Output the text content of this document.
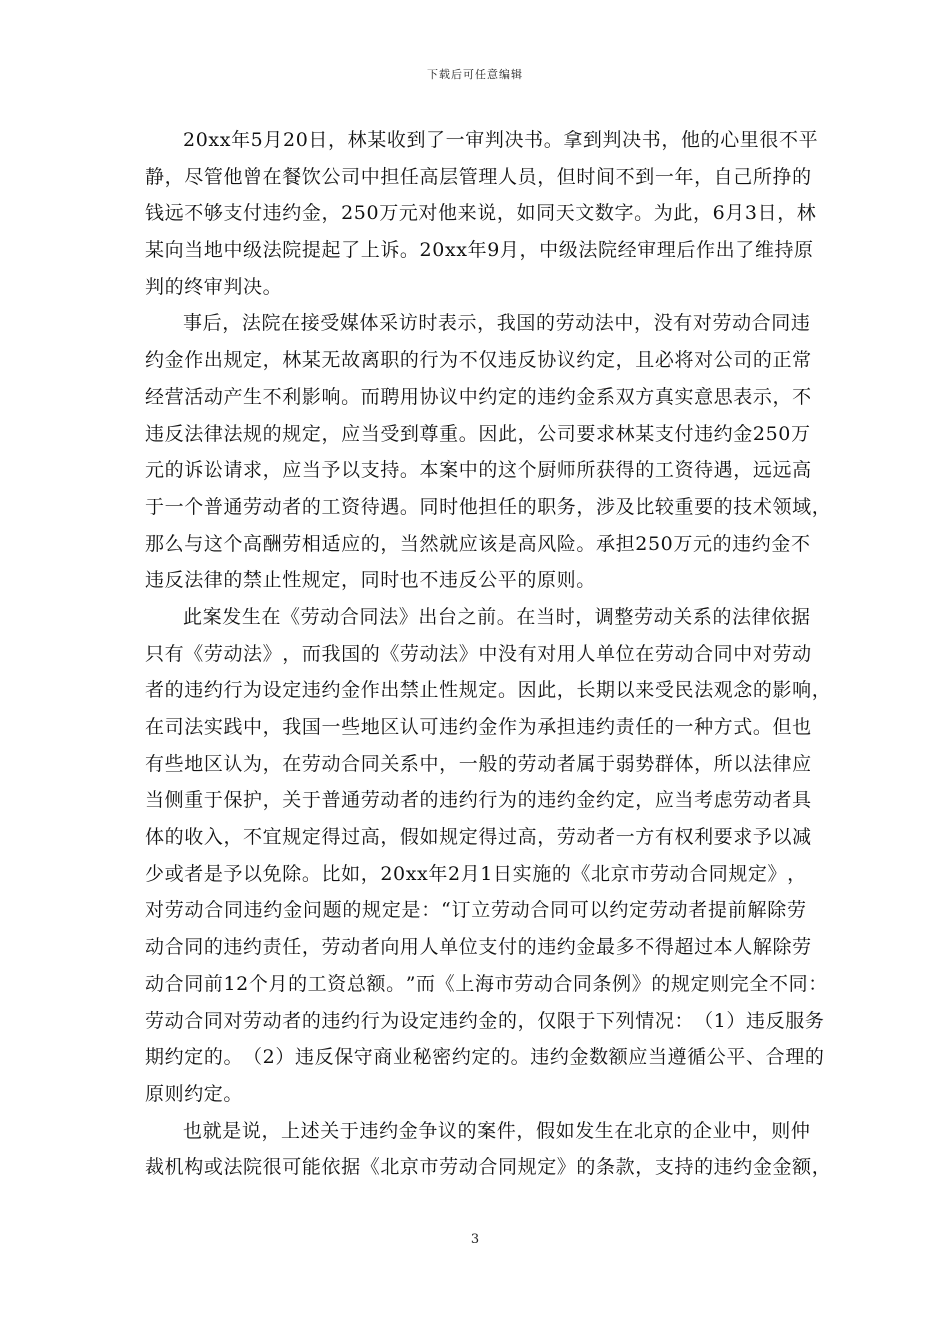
下载后可任意编辑
2 0 x x 年 5 月 2 0 日 ， 林 某 收 到 了 一 审 判 决 书 。 拿 到 判 决 书 ， 他 的 心 里 很 不 平
静 ， 尽 管 他 曾 在 餐 饮 公 司 中 担 任 高 层 管 理 人 员 ， 但 时 间 不 到 一 年 ， 自 己 所 挣 的
钱 远 不 够 支 付 违 约 金 ， 2 5 0 万 元 对 他 来 说 ， 如 同 天 文 数 字 。 为 此 ， 6 月 3 日 ， 林
某 向 当 地 中 级 法 院 提 起 了 上 诉 。 2 0 x x 年 9 月 ， 中 级 法 院 经 审 理 后 作 出 了 维 持 原
判的终审判决。
事 后 ， 法 院 在 接 受 媒 体 采 访 时 表 示 ， 我 国 的 劳 动 法 中 ， 没 有 对 劳 动 合 同 违
约 金 作 出 规 定 ， 林 某 无 故 离 职 的 行 为 不 仅 违 反 协 议 约 定 ， 且 必 将 对 公 司 的 正 常
经 营 活 动 产 生 不 利 影 响 。 而 聘 用 协 议 中 约 定 的 违 约 金 系 双 方 真 实 意 思 表 示 ， 不
违 反 法 律 法 规 的 规 定 ， 应 当 受 到 尊 重 。 因 此 ， 公 司 要 求 林 某 支 付 违 约 金 2 5 0 万
元 的 诉 讼 请 求 ， 应 当 予 以 支 持 。 本 案 中 的 这 个 厨 师 所 获 得 的 工 资 待 遇 ， 远 远 高
于 一 个 普 通 劳 动 者 的 工 资 待 遇 。 同 时 他 担 任 的 职 务 ， 涉 及 比 较 重 要 的 技 术 领 域 ，
那 么 与 这 个 高 酬 劳 相 适 应 的 ， 当 然 就 应 该 是 高 风 险 。 承 担 2 5 0 万 元 的 违 约 金 不
违反法律的禁止性规定，同时也不违反公平的原则。
此 案 发 生 在 《 劳 动 合 同 法 》 出 台 之 前 。 在 当 时 ， 调 整 劳 动 关 系 的 法 律 依 据
只 有 《 劳 动 法 》 ， 而 我 国 的 《 劳 动 法 》 中 没 有 对 用 人 单 位 在 劳 动 合 同 中 对 劳 动
者 的 违 约 行 为 设 定 违 约 金 作 出 禁 止 性 规 定 。 因 此 ， 长 期 以 来 受 民 法 观 念 的 影 响 ，
在 司 法 实 践 中 ， 我 国 一 些 地 区 认 可 违 约 金 作 为 承 担 违 约 责 任 的 一 种 方 式 。 但 也
有 些 地 区 认 为 ， 在 劳 动 合 同 关 系 中 ， 一 般 的 劳 动 者 属 于 弱 势 群 体 ， 所 以 法 律 应
当 侧 重 于 保 护 ， 关 于 普 通 劳 动 者 的 违 约 行 为 的 违 约 金 约 定 ， 应 当 考 虑 劳 动 者 具
体 的 收 入 ， 不 宜 规 定 得 过 高 ， 假 如 规 定 得 过 高 ， 劳 动 者 一 方 有 权 利 要 求 予 以 减
少 或 者 是 予 以 免 除 。 比 如 ， 2 0 x x 年 2 月 1 日 实 施 的 《 北 京 市 劳 动 合 同 规 定 》 ，
对 劳 动 合 同 违 约 金 问 题 的 规 定 是 ： “ 订 立 劳 动 合 同 可 以 约 定 劳 动 者 提 前 解 除 劳
动 合 同 的 违 约 责 任 ， 劳 动 者 向 用 人 单 位 支 付 的 违 约 金 最 多 不 得 超 过 本 人 解 除 劳
动 合 同 前 1 2 个 月 的 工 资 总 额 。 ” 而 《 上 海 市 劳 动 合 同 条 例 》 的 规 定 则 完 全 不 同 ：
劳 动 合 同 对 劳 动 者 的 违 约 行 为 设 定 违 约 金 的 ， 仅 限 于 下 列 情 况 ： （ 1 ） 违 反 服 务
期 约 定 的 。 （ 2 ） 违 反 保 守 商 业 秘 密 约 定 的 。 违 约 金 数 额 应 当 遵 循 公 平 、 合 理 的
原则约定。
也 就 是 说 ， 上 述 关 于 违 约 金 争 议 的 案 件 ， 假 如 发 生 在 北 京 的 企 业 中 ， 则 仲
裁 机 构 或 法 院 很 可 能 依 据 《 北 京 市 劳 动 合 同 规 定 》 的 条 款 ， 支 持 的 违 约 金 金 额 ，
3
